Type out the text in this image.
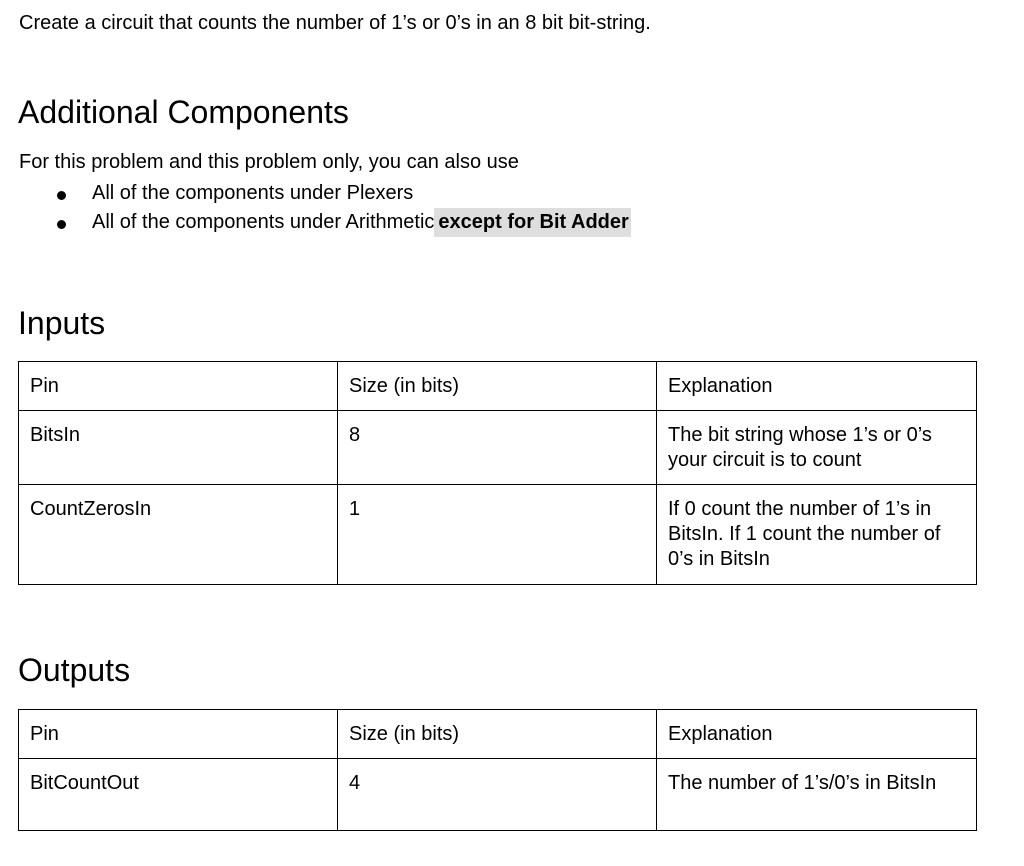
Create a circuit that counts the number of 1’s or 0’s in an 8 bit bit-string.
Additional Components
For this problem and this problem only, you can also use
All of the components under Plexers
All of the components under Arithmetic except for Bit Adder
Inputs
Pin	Size (in bits)	Explanation
BitsIn	8	The bit string whose 1’s or 0’s your circuit is to count
CountZerosIn	1	If 0 count the number of 1’s in BitsIn. If 1 count the number of 0’s in BitsIn
Outputs
Pin	Size (in bits)	Explanation
BitCountOut	4	The number of 1’s/0’s in BitsIn
